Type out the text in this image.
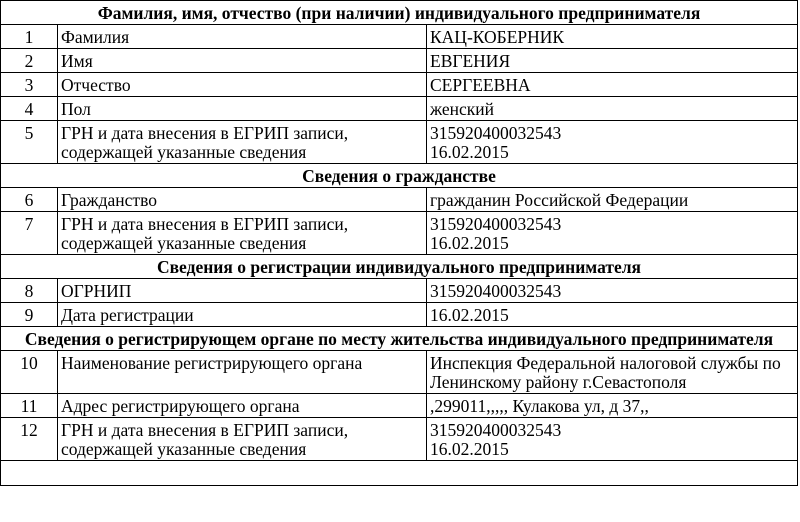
Фамилия, имя, отчество (при наличии) индивидуального предпринимателя		
1	Фамилия	КАЦ-КОБЕРНИК
2	Имя	ЕВГЕНИЯ
3	Отчество	СЕРГЕЕВНА
4	Пол	женский
5	ГРН и дата внесения в ЕГРИП записи, содержащей указанные сведения	315920400032543
16.02.2015

Сведения о гражданстве		
6	Гражданство	гражданин Российской Федерации
7	ГРН и дата внесения в ЕГРИП записи, содержащей указанные сведения	315920400032543
16.02.2015

Сведения о регистрации индивидуального предпринимателя		
8	ОГРНИП	315920400032543
9	Дата регистрации	16.02.2015
Сведения о регистрирующем органе по месту жительства индивидуального предпринимателя		
10	Наименование регистрирующего органа	Инспекция Федеральной налоговой службы по Ленинскому району г.Севастополя
11	Адрес регистрирующего органа	,299011,,,,, Кулакова ул, д 37,,
12	ГРН и дата внесения в ЕГРИП записи, содержащей указанные сведения	315920400032543
16.02.2015
